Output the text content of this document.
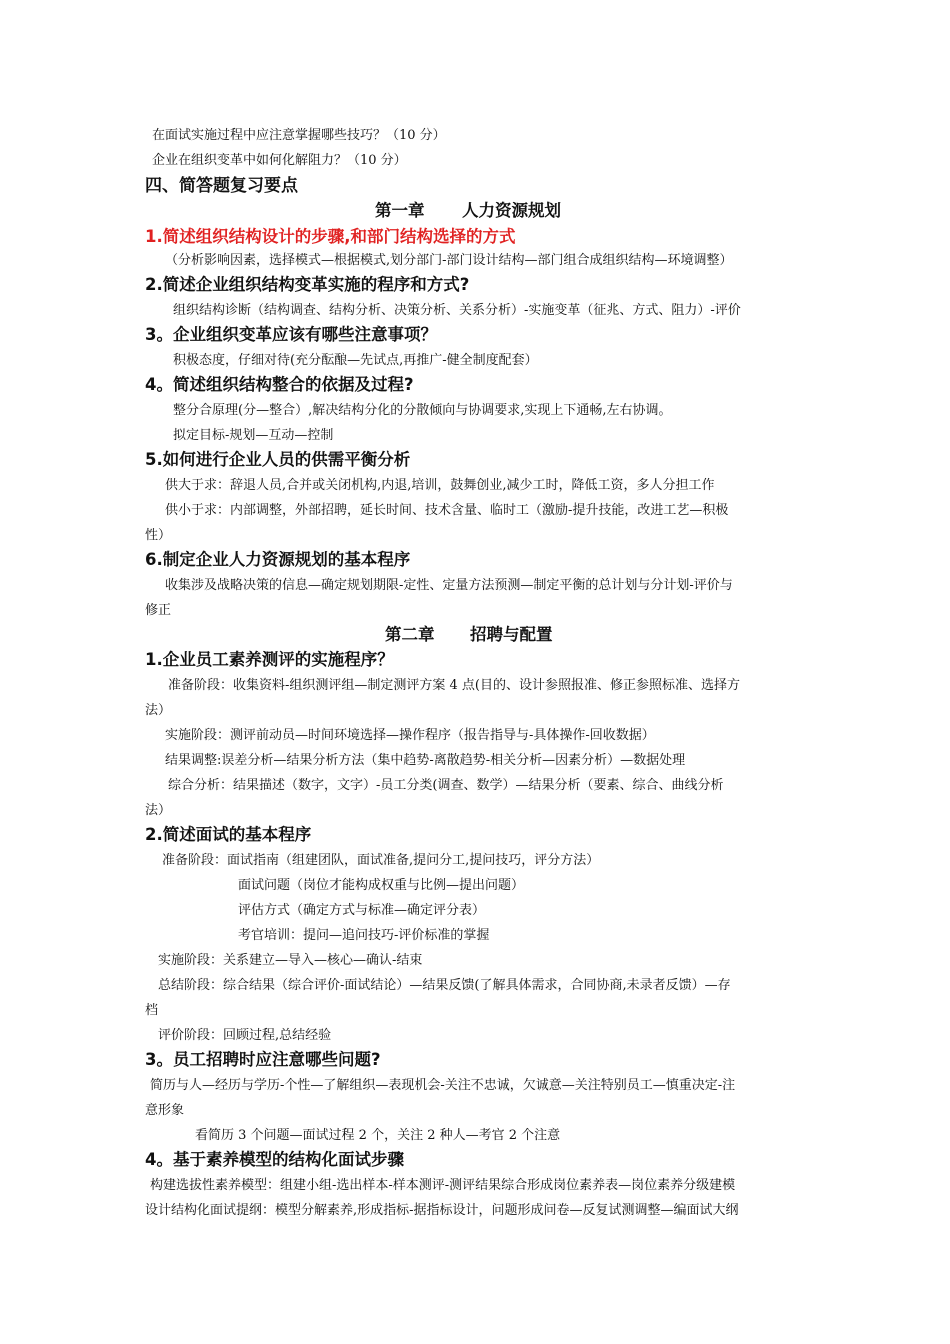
在面试实施过程中应注意掌握哪些技巧？（10 分）
企业在组织变革中如何化解阻力？（10 分）
四、简答题复习要点
第一章 人力资源规划
1.简述组织结构设计的步骤,和部门结构选择的方式
（分析影响因素，选择模式—根据模式,划分部门-部门设计结构—部门组合成组织结构—环境调整）
2.简述企业组织结构变革实施的程序和方式?
组织结构诊断（结构调查、结构分析、决策分析、关系分析）-实施变革（征兆、方式、阻力）-评价
3。企业组织变革应该有哪些注意事项？
积极态度，仔细对待(充分酝酿—先试点,再推广-健全制度配套）
4。简述组织结构整合的依据及过程?
整分合原理(分—整合）,解决结构分化的分散倾向与协调要求,实现上下通畅,左右协调。
拟定目标-规划—互动—控制
5.如何进行企业人员的供需平衡分析
供大于求：辞退人员,合并或关闭机构,内退,培训，鼓舞创业,减少工时，降低工资，多人分担工作
供小于求：内部调整，外部招聘，延长时间、技术含量、临时工（激励-提升技能，改进工艺—积极
性）
6.制定企业人力资源规划的基本程序
收集涉及战略决策的信息—确定规划期限-定性、定量方法预测—制定平衡的总计划与分计划-评价与
修正
第二章 招聘与配置
1.企业员工素养测评的实施程序？
准备阶段：收集资料-组织测评组—制定测评方案 4 点(目的、设计参照报准、修正参照标准、选择方
法）
实施阶段：测评前动员—时间环境选择—操作程序（报告指导与-具体操作-回收数据）
结果调整:误差分析—结果分析方法（集中趋势-离散趋势-相关分析—因素分析）—数据处理
综合分析：结果描述（数字，文字）-员工分类(调查、数学）—结果分析（要素、综合、曲线分析
法）
2.简述面试的基本程序
准备阶段：面试指南（组建团队，面试准备,提问分工,提问技巧，评分方法）
面试问题（岗位才能构成权重与比例—提出问题）
评估方式（确定方式与标准—确定评分表）
考官培训：提问—追问技巧-评价标准的掌握
实施阶段：关系建立—导入—核心—确认-结束
总结阶段：综合结果（综合评价-面试结论）—结果反馈(了解具体需求，合同协商,未录者反馈）—存
档
评价阶段：回顾过程,总结经验
3。员工招聘时应注意哪些问题?
简历与人—经历与学历-个性—了解组织—表现机会-关注不忠诚，欠诚意—关注特别员工—慎重决定-注
意形象
看简历 3 个问题—面试过程 2 个，关注 2 种人—考官 2 个注意
4。基于素养模型的结构化面试步骤
构建选拔性素养模型：组建小组-选出样本-样本测评-测评结果综合形成岗位素养表—岗位素养分级建模
设计结构化面试提纲：模型分解素养,形成指标-据指标设计，问题形成问卷—反复试测调整—编面试大纲
